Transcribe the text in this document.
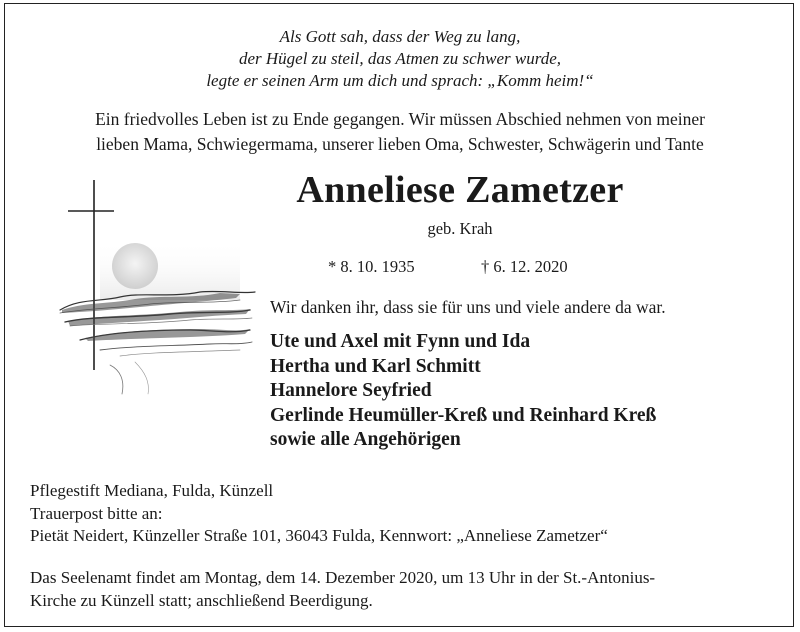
Als Gott sah, dass der Weg zu lang,
der Hügel zu steil, das Atmen zu schwer wurde,
legte er seinen Arm um dich und sprach: „Komm heim!“
Ein friedvolles Leben ist zu Ende gegangen. Wir müssen Abschied nehmen von meiner
lieben Mama, Schwiegermama, unserer lieben Oma, Schwester, Schwägerin und Tante
Anneliese Zametzer
geb. Krah
* 8. 10. 1935	† 6. 12. 2020
Wir danken ihr, dass sie für uns und viele andere da war.
Ute und Axel mit Fynn und Ida
Hertha und Karl Schmitt
Hannelore Seyfried
Gerlinde Heumüller-Kreß und Reinhard Kreß
sowie alle Angehörigen
Pflegestift Mediana, Fulda, Künzell
Trauerpost bitte an:
Pietät Neidert, Künzeller Straße 101, 36043 Fulda, Kennwort: „Anneliese Zametzer“
Das Seelenamt findet am Montag, dem 14. Dezember 2020, um 13 Uhr in der St.-Antonius-
Kirche zu Künzell statt; anschließend Beerdigung.
